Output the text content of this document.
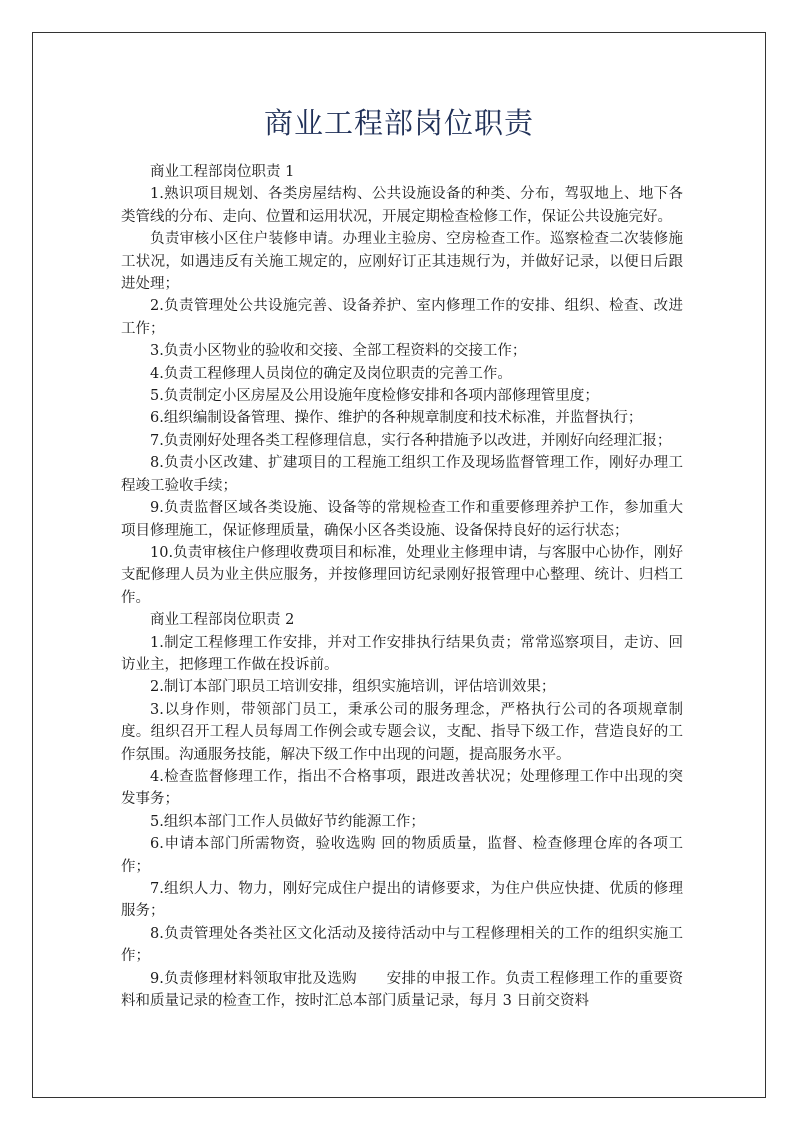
商业工程部岗位职责

商业工程部岗位职责 1

1.熟识项目规划、各类房屋结构、公共设施设备的种类、分布，驾驭地上、地下各类管线的分布、走向、位置和运用状况，开展定期检查检修工作，保证公共设施完好。

负责审核小区住户装修申请。办理业主验房、空房检查工作。巡察检查二次装修施工状况，如遇违反有关施工规定的，应刚好订正其违规行为，并做好记录，以便日后跟进处理；

2.负责管理处公共设施完善、设备养护、室内修理工作的安排、组织、检查、改进工作；

3.负责小区物业的验收和交接、全部工程资料的交接工作；

4.负责工程修理人员岗位的确定及岗位职责的完善工作。

5.负责制定小区房屋及公用设施年度检修安排和各项内部修理管里度；

6.组织编制设备管理、操作、维护的各种规章制度和技术标准，并监督执行；

7.负责刚好处理各类工程修理信息，实行各种措施予以改进，并刚好向经理汇报；

8.负责小区改建、扩建项目的工程施工组织工作及现场监督管理工作，刚好办理工程竣工验收手续；

9.负责监督区域各类设施、设备等的常规检查工作和重要修理养护工作，参加重大项目修理施工，保证修理质量，确保小区各类设施、设备保持良好的运行状态；

10.负责审核住户修理收费项目和标准，处理业主修理申请，与客服中心协作，刚好支配修理人员为业主供应服务，并按修理回访纪录刚好报管理中心整理、统计、归档工作。

商业工程部岗位职责 2

1.制定工程修理工作安排，并对工作安排执行结果负责；常常巡察项目，走访、回访业主，把修理工作做在投诉前。

2.制订本部门职员工培训安排，组织实施培训，评估培训效果；

3.以身作则，带领部门员工，秉承公司的服务理念，严格执行公司的各项规章制度。组织召开工程人员每周工作例会或专题会议，支配、指导下级工作，营造良好的工作氛围。沟通服务技能，解决下级工作中出现的问题，提高服务水平。

4.检查监督修理工作，指出不合格事项，跟进改善状况；处理修理工作中出现的突发事务；

5.组织本部门工作人员做好节约能源工作；

6.申请本部门所需物资，验收选购 回的物质质量，监督、检查修理仓库的各项工作；

7.组织人力、物力，刚好完成住户提出的请修要求，为住户供应快捷、优质的修理服务；

8.负责管理处各类社区文化活动及接待活动中与工程修理相关的工作的组织实施工作；

9.负责修理材料领取审批及选购　　安排的申报工作。负责工程修理工作的重要资料和质量记录的检查工作，按时汇总本部门质量记录，每月 3 日前交资料
